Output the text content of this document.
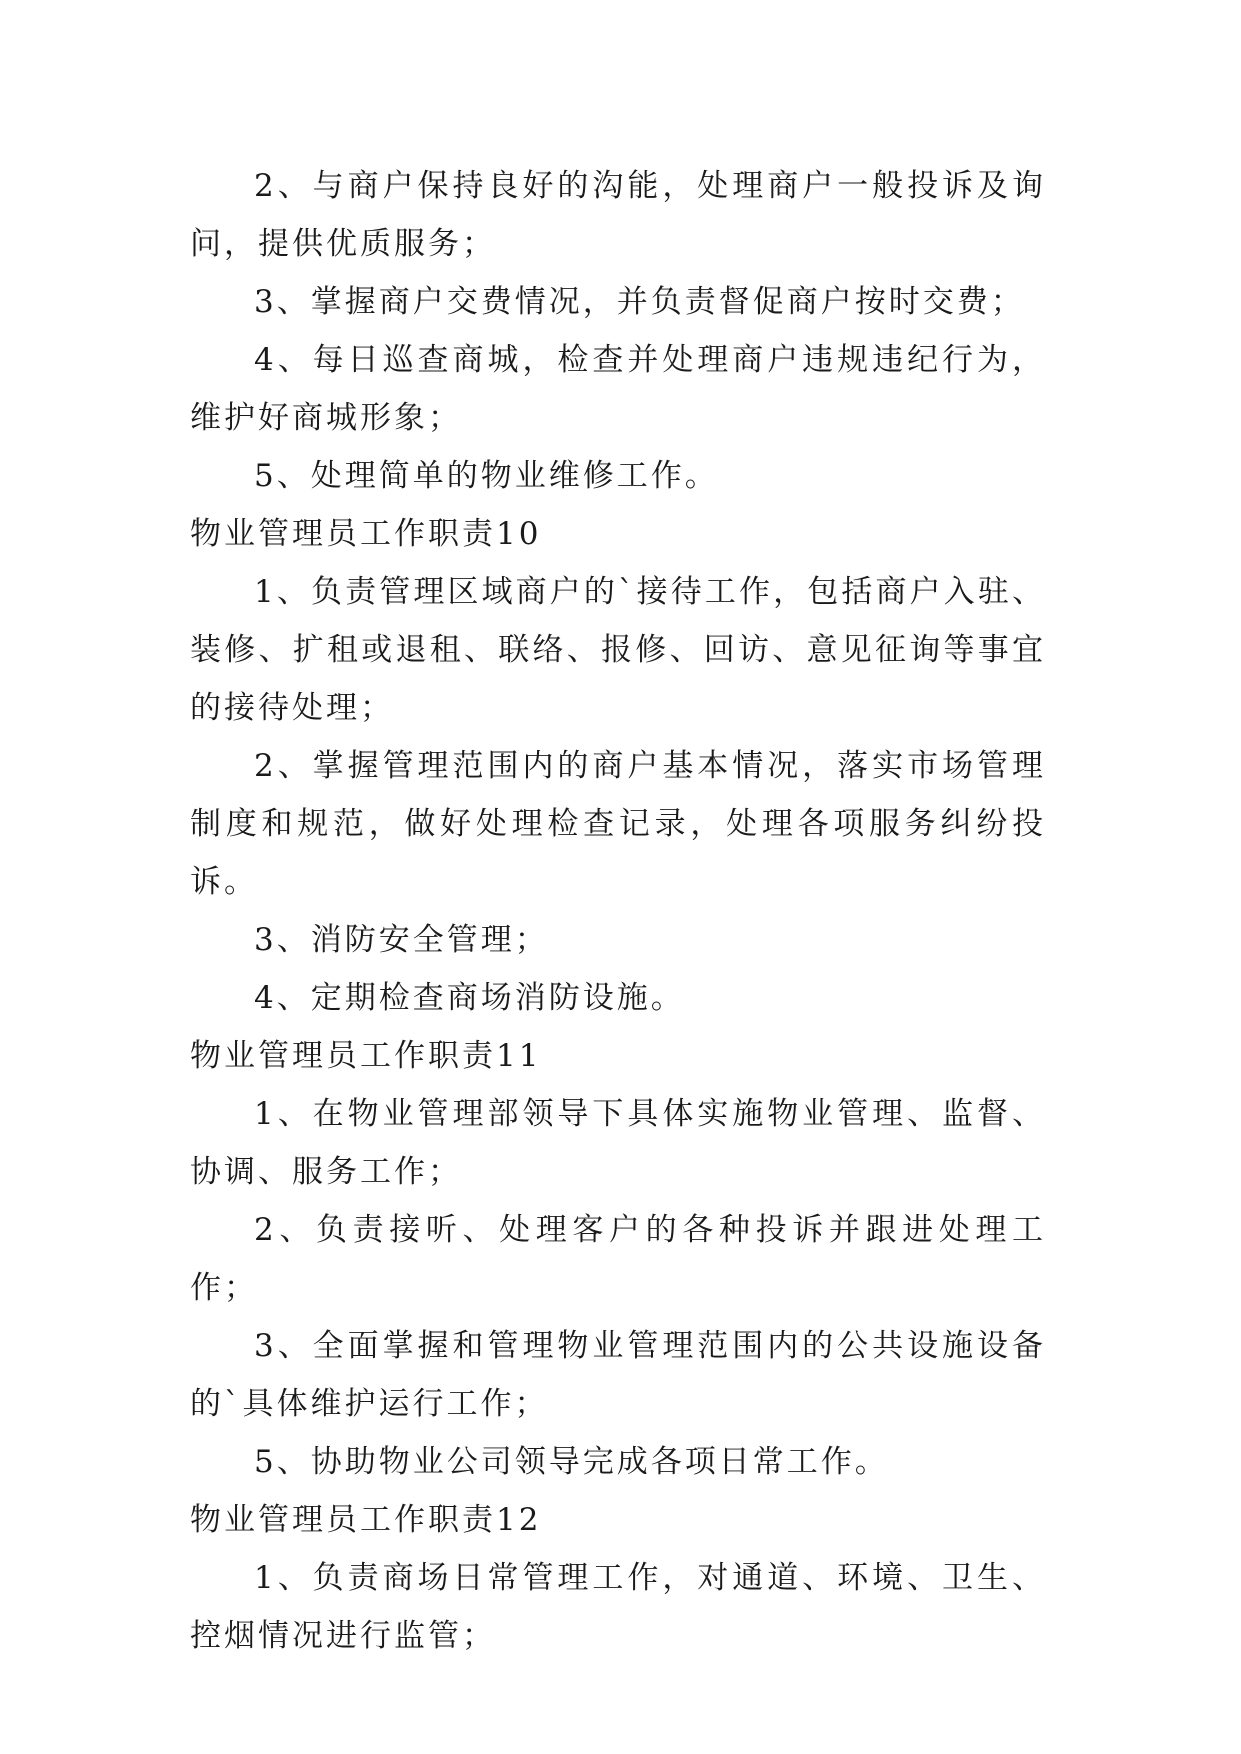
2、与商户保持良好的沟能，处理商户一般投诉及询问，提供优质服务；

3、掌握商户交费情况，并负责督促商户按时交费；

4、每日巡查商城，检查并处理商户违规违纪行为，维护好商城形象；

5、处理简单的物业维修工作。

物业管理员工作职责10

1、负责管理区域商户的`接待工作，包括商户入驻、装修、扩租或退租、联络、报修、回访、意见征询等事宜的接待处理；

2、掌握管理范围内的商户基本情况，落实市场管理制度和规范，做好处理检查记录，处理各项服务纠纷投诉。

3、消防安全管理；

4、定期检查商场消防设施。

物业管理员工作职责11

1、在物业管理部领导下具体实施物业管理、监督、协调、服务工作；

2、负责接听、处理客户的各种投诉并跟进处理工作；

3、全面掌握和管理物业管理范围内的公共设施设备的`具体维护运行工作；

5、协助物业公司领导完成各项日常工作。

物业管理员工作职责12

1、负责商场日常管理工作，对通道、环境、卫生、控烟情况进行监管；
